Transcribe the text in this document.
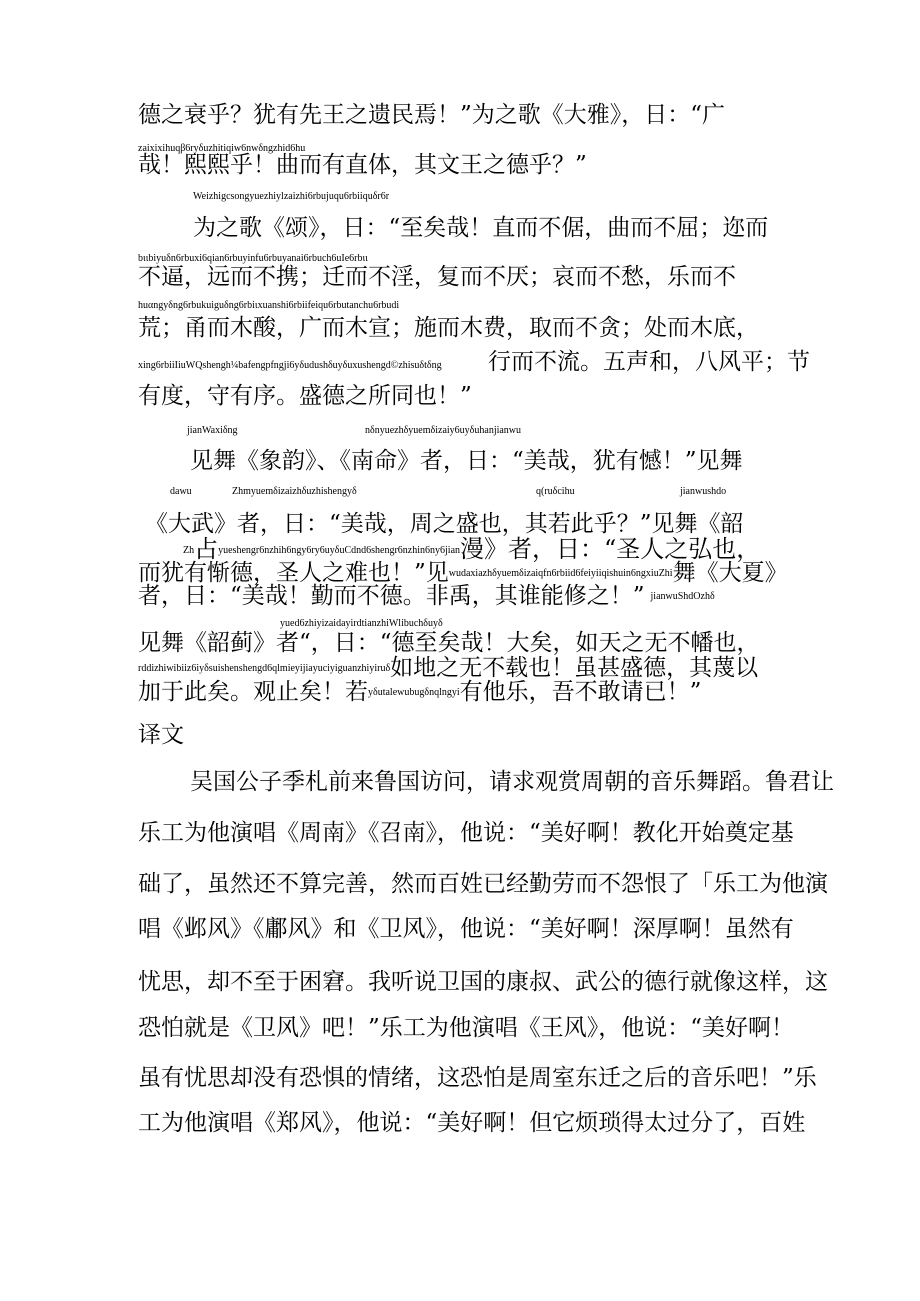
德之衰乎？犹有先王之遗民焉！”为之歌《大雅》，日：“广
zaixixihuqβ6ryδuzhitiqiw6nwδngzhid6hu
哉！熙熙乎！曲而有直体，其文王之德乎？”
Weizhigcsongyuezhiylzaizhi6rbujuqu6rbiiquδr6r
为之歌《颂》，日：“至矣哉！直而不倨，曲而不屈；迩而
bιιbiyuδn6rbuxi6qian6rbuyinfu6rbuyanai6rbuch6uIe6rbιι
不逼，远而不携；迁而不淫，复而不厌；哀而不愁，乐而不
huαngyδng6rbukuiguδng6rbiιxuanshi6rbiifeiqu6rbutanchu6rbudi
荒；甬而木酸，广而木宣；施而木费，取而不贪；处而木底，
xing6rbiiIiuWQshengh¼bafengpfngji6yδudushδuyδuxushengd©zhisuδtδng 行而不流。五声和，八风平；节
有度，守有序。盛德之所同也！”
jianWaxiδng	nδnyuezhδyuemδizaiy6uyδuhanjianwu
见舞《象韵》、《南命》者，日：“美哉，犹有憾！”见舞
dawu	Zhmyuemδizaizhδuzhishengyδ	q(ruδcihu	jianwushdo
《大武》者，日：“美哉，周之盛也，其若此乎？”见舞《韶
Zh占yueshengr6nzhih6ngy6ry6uyδuCdnd6shengr6nzhin6ny6jian漫》者，日：“圣人之弘也，
而犹有惭德，圣人之难也！”见wudaxiazhδyuemδizaiqfn6rbiid6feiyiiqishuin6ngxiuZhi舞《大夏》
者，日：“美哉！勤而不德。非禹，其谁能修之！” jianwuShdOzhδ
yued6zhiyizaidayirdtianzhiWlibuchδuyδ
见舞《韶蓟》者“，日：“德至矣哉！大矣，如天之无不幡也，
rddizhiwibiiz6iyδsuishenshengd6qlmieyijiayuciyiguanzhiyiruδ如地之无不载也！虽甚盛德，其蔑以
加于此矣。观止矣！若yδutalewubugδnqlngyi有他乐，吾不敢请已！”
译文
吴国公子季札前来鲁国访问，请求观赏周朝的音乐舞蹈。鲁君让
乐工为他演唱《周南》《召南》，他说：“美好啊！教化开始奠定基
础了，虽然还不算完善，然而百姓已经勤劳而不怨恨了「乐工为他演
唱《邺风》《鄘风》和《卫风》，他说：“美好啊！深厚啊！虽然有
忧思，却不至于困窘。我听说卫国的康叔、武公的德行就像这样，这
恐怕就是《卫风》吧！”乐工为他演唱《王风》，他说：“美好啊！
虽有忧思却没有恐惧的情绪，这恐怕是周室东迁之后的音乐吧！”乐
工为他演唱《郑风》，他说：“美好啊！但它烦琐得太过分了，百姓
